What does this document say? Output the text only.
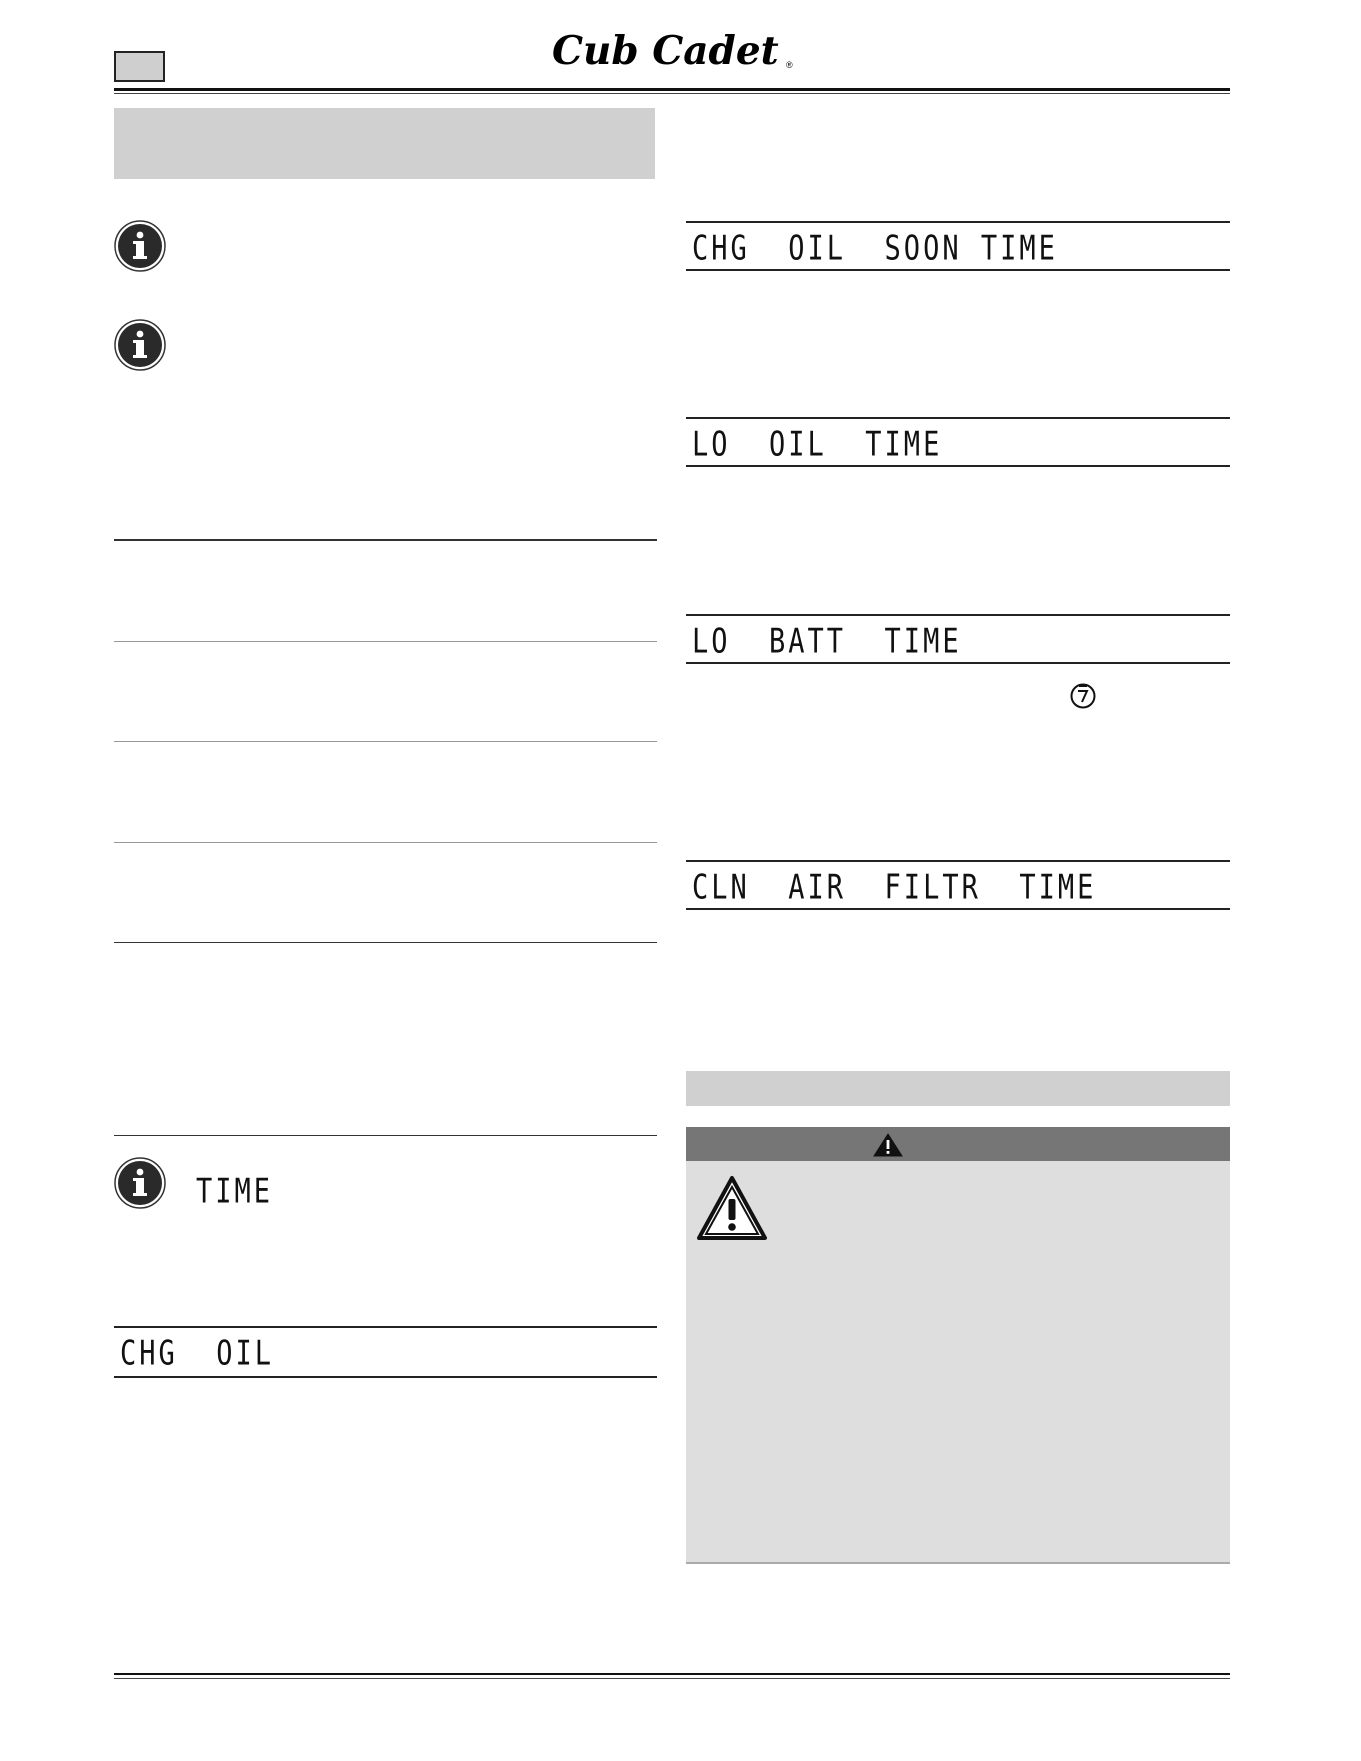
Cub Cadet ®
TIME
CHG  OIL
CHG  OIL  SOON TIME
LO  OIL  TIME
LO  BATT  TIME
CLN  AIR  FILTR  TIME
